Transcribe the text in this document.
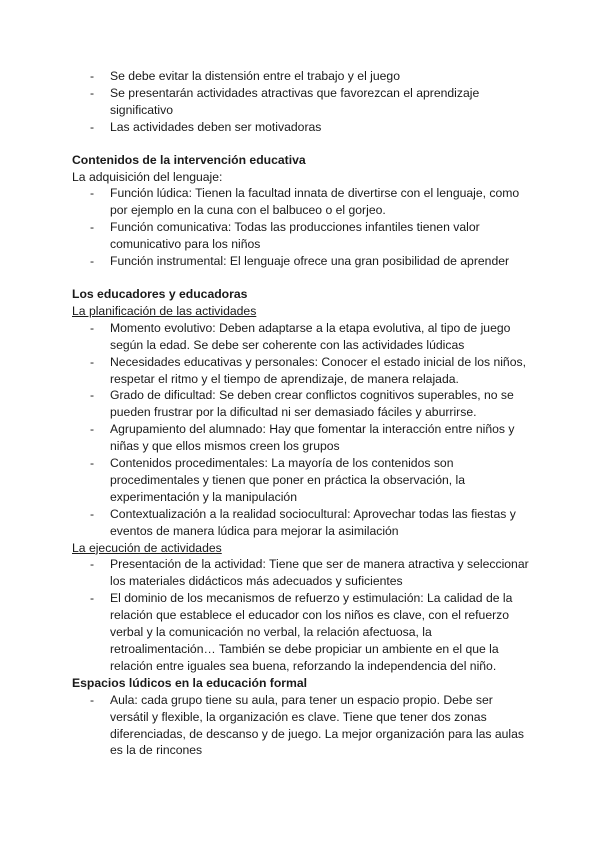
- Se debe evitar la distensión entre el trabajo y el juego
- Se presentarán actividades atractivas que favorezcan el aprendizaje significativo
- Las actividades deben ser motivadoras

Contenidos de la intervención educativa

La adquisición del lenguaje:

- Función lúdica: Tienen la facultad innata de divertirse con el lenguaje, como por ejemplo en la cuna con el balbuceo o el gorjeo.
- Función comunicativa: Todas las producciones infantiles tienen valor comunicativo para los niños
- Función instrumental: El lenguaje ofrece una gran posibilidad de aprender

Los educadores y educadoras

La planificación de las actividades

- Momento evolutivo: Deben adaptarse a la etapa evolutiva, al tipo de juego según la edad. Se debe ser coherente con las actividades lúdicas
- Necesidades educativas y personales: Conocer el estado inicial de los niños, respetar el ritmo y el tiempo de aprendizaje, de manera relajada.
- Grado de dificultad: Se deben crear conflictos cognitivos superables, no se pueden frustrar por la dificultad ni ser demasiado fáciles y aburrirse.
- Agrupamiento del alumnado: Hay que fomentar la interacción entre niños y niñas y que ellos mismos creen los grupos
- Contenidos procedimentales: La mayoría de los contenidos son procedimentales y tienen que poner en práctica la observación, la experimentación y la manipulación
- Contextualización a la realidad sociocultural: Aprovechar todas las fiestas y eventos de manera lúdica para mejorar la asimilación

La ejecución de actividades

- Presentación de la actividad: Tiene que ser de manera atractiva y seleccionar los materiales didácticos más adecuados y suficientes
- El dominio de los mecanismos de refuerzo y estimulación: La calidad de la relación que establece el educador con los niños es clave, con el refuerzo verbal y la comunicación no verbal, la relación afectuosa, la retroalimentación… También se debe propiciar un ambiente en el que la relación entre iguales sea buena, reforzando la independencia del niño.

Espacios lúdicos en la educación formal

- Aula: cada grupo tiene su aula, para tener un espacio propio. Debe ser versátil y flexible, la organización es clave. Tiene que tener dos zonas diferenciadas, de descanso y de juego. La mejor organización para las aulas es la de rincones
